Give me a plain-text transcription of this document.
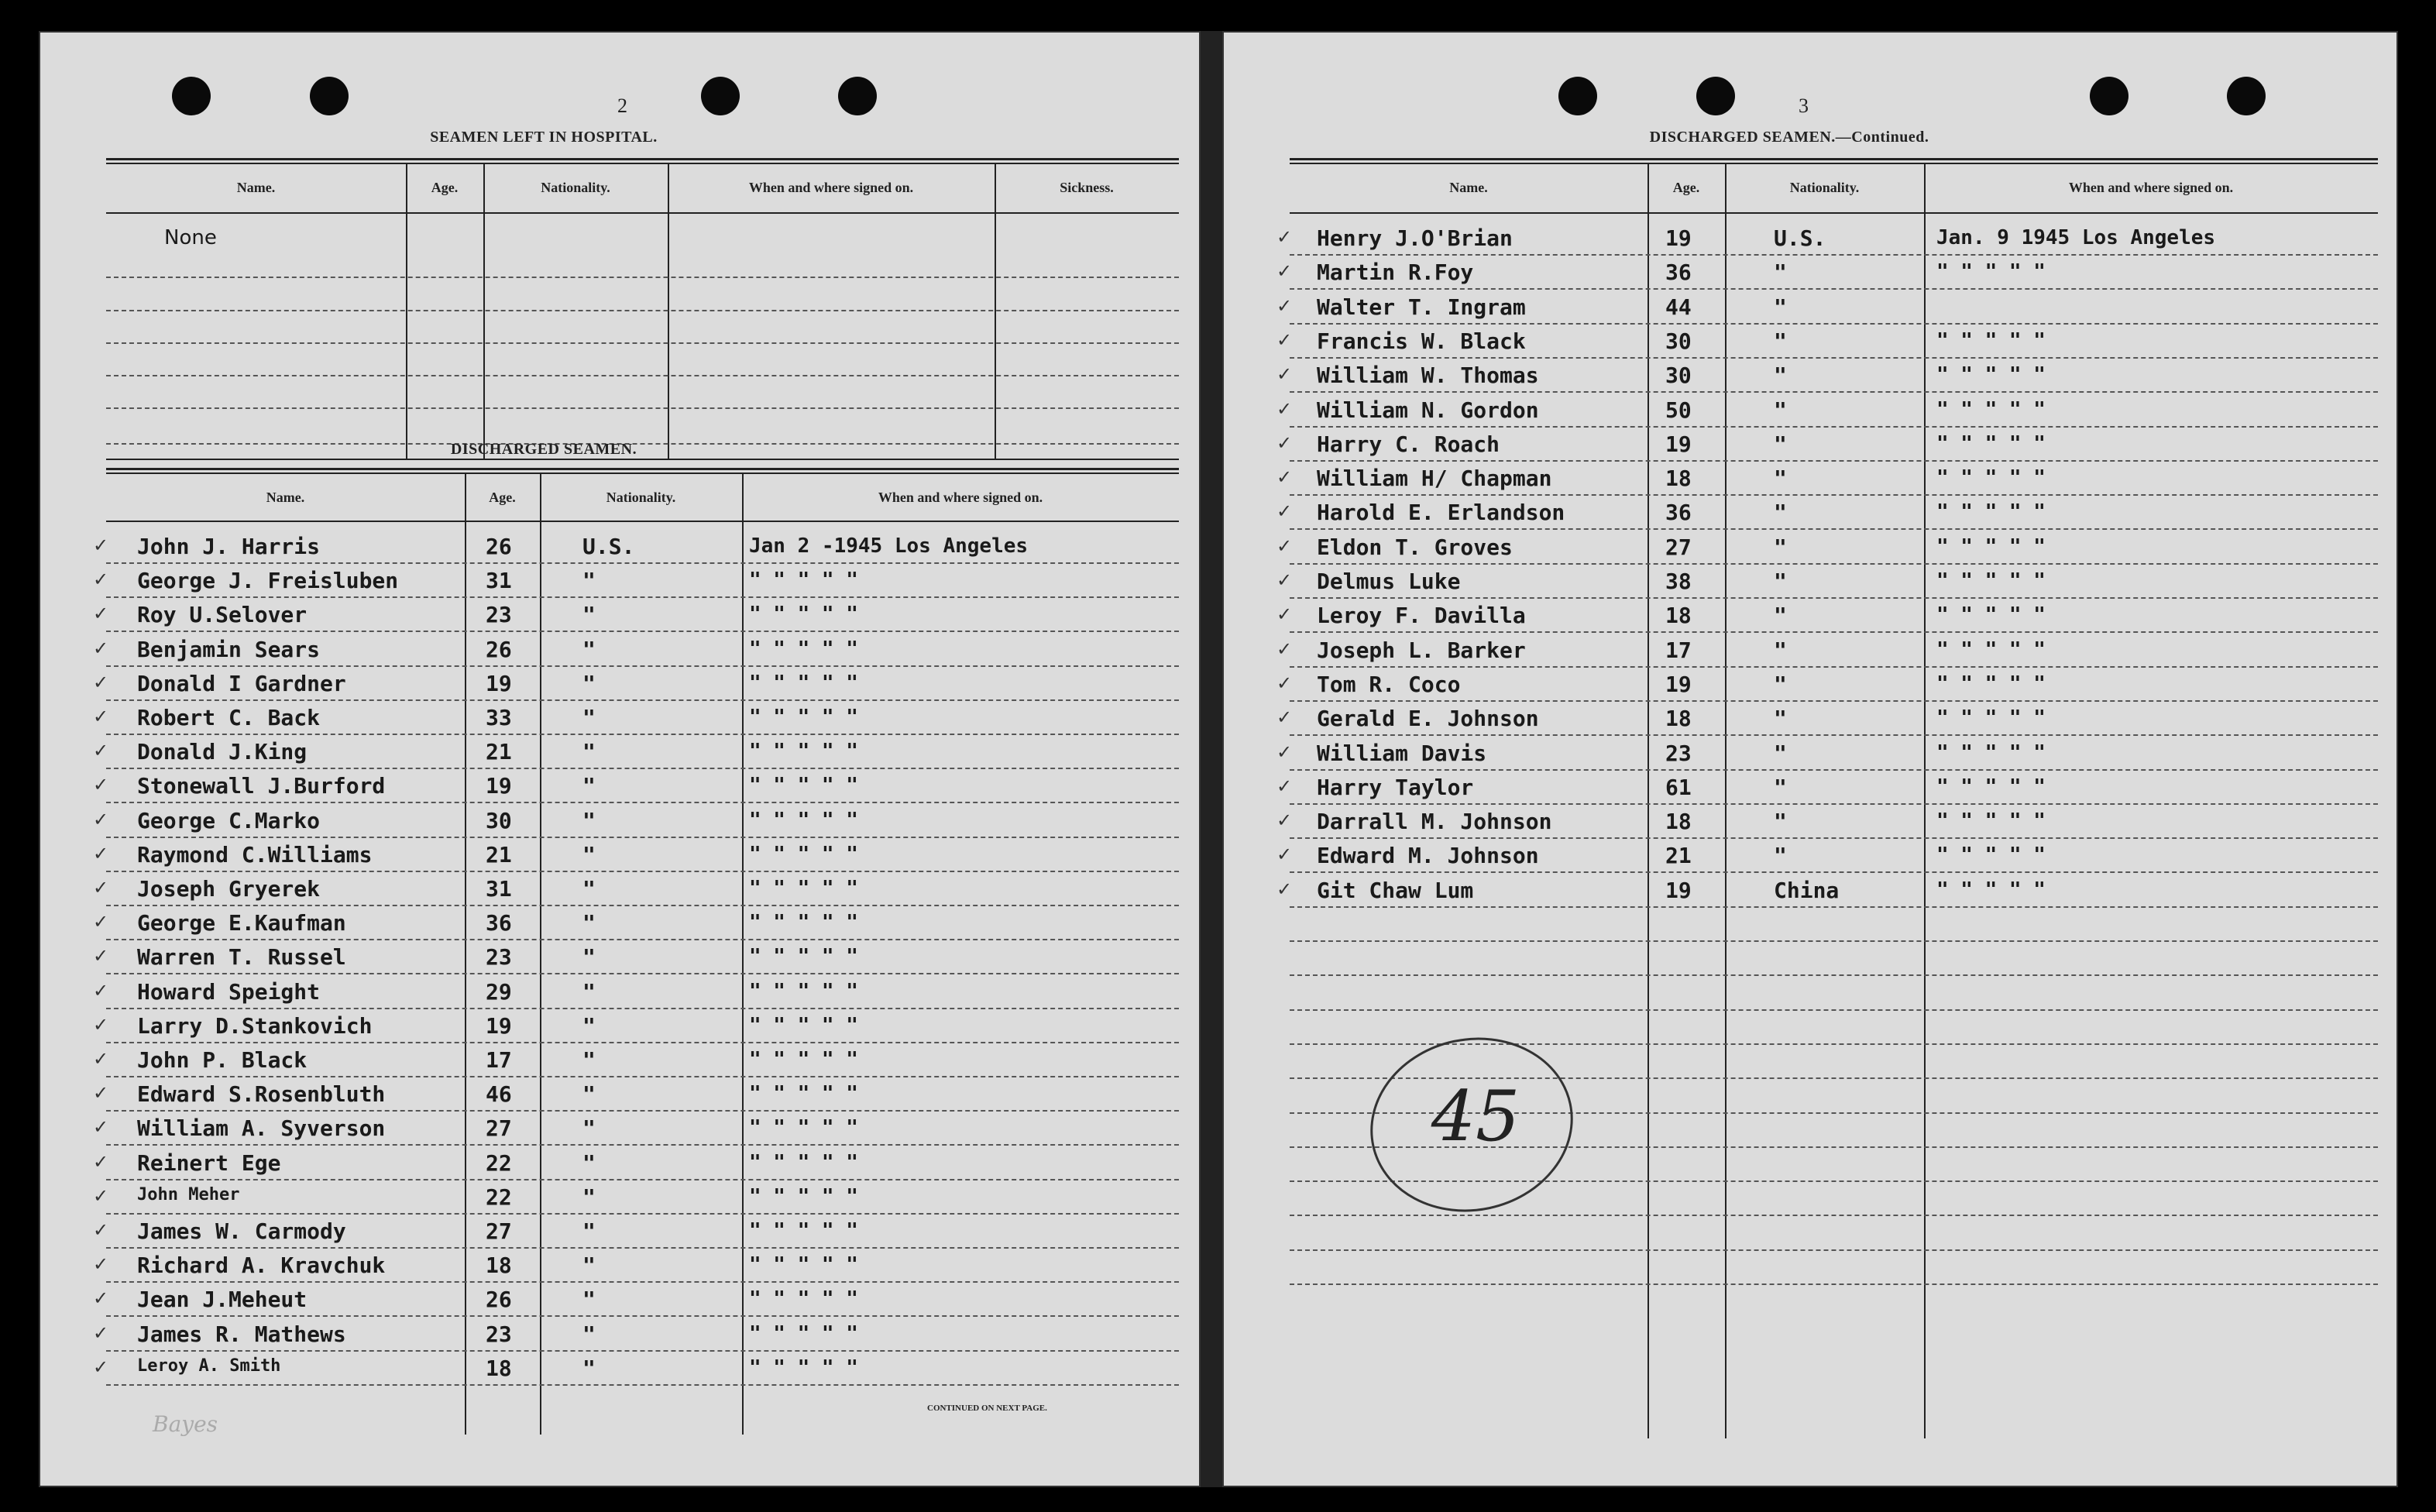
2
SEAMEN LEFT IN HOSPITAL.
Name.	Age.	Nationality.	When and where signed on.	Sickness.
None
DISCHARGED SEAMEN.
Name.	Age.	Nationality.	When and where signed on.
✓ John J. Harris	26	U.S.	Jan 2 -1945 Los Angeles
✓ George J. Freisluben	31	"	" " " " "
✓ Roy U.Selover	23	"	" " " " "
✓ Benjamin Sears	26	"	" " " " "
✓ Donald I Gardner	19	"	" " " " "
✓ Robert C. Back	33	"	" " " " "
✓ Donald J.King	21	"	" " " " "
✓ Stonewall J.Burford	19	"	" " " " "
✓ George C.Marko	30	"	" " " " "
✓ Raymond C.Williams	21	"	" " " " "
✓ Joseph Gryerek	31	"	" " " " "
✓ George E.Kaufman	36	"	" " " " "
✓ Warren T. Russel	23	"	" " " " "
✓ Howard Speight	29	"	" " " " "
✓ Larry D.Stankovich	19	"	" " " " "
✓ John P. Black	17	"	" " " " "
✓ Edward S.Rosenbluth	46	"	" " " " "
✓ William A. Syverson	27	"	" " " " "
✓ Reinert Ege	22	"	" " " " "
✓ John Meher	22	"	" " " " "
✓ James W. Carmody	27	"	" " " " "
✓ Richard A. Kravchuk	18	"	" " " " "
✓ Jean J.Meheut	26	"	" " " " "
✓ James R. Mathews	23	"	" " " " "
✓ Leroy A. Smith	18	"	" " " " "
CONTINUED ON NEXT PAGE.
Bayes
3
DISCHARGED SEAMEN.—Continued.
Name.	Age.	Nationality.	When and where signed on.
✓ Henry J.O'Brian	19	U.S.	Jan. 9 1945 Los Angeles
✓ Martin R.Foy	36	"	" " " " "
✓ Walter T. Ingram	44	"
✓ Francis W. Black	30	"	" " " " "
✓ William W. Thomas	30	"	" " " " "
✓ William N. Gordon	50	"	" " " " "
✓ Harry C. Roach	19	"	" " " " "
✓ William H/ Chapman	18	"	" " " " "
✓ Harold E. Erlandson	36	"	" " " " "
✓ Eldon T. Groves	27	"	" " " " "
✓ Delmus Luke	38	"	" " " " "
✓ Leroy F. Davilla	18	"	" " " " "
✓ Joseph L. Barker	17	"	" " " " "
✓ Tom R. Coco	19	"	" " " " "
✓ Gerald E. Johnson	18	"	" " " " "
✓ William Davis	23	"	" " " " "
✓ Harry Taylor	61	"	" " " " "
✓ Darrall M. Johnson	18	"	" " " " "
✓ Edward M. Johnson	21	"	" " " " "
✓ Git Chaw Lum	19	China	" " " " "
45
